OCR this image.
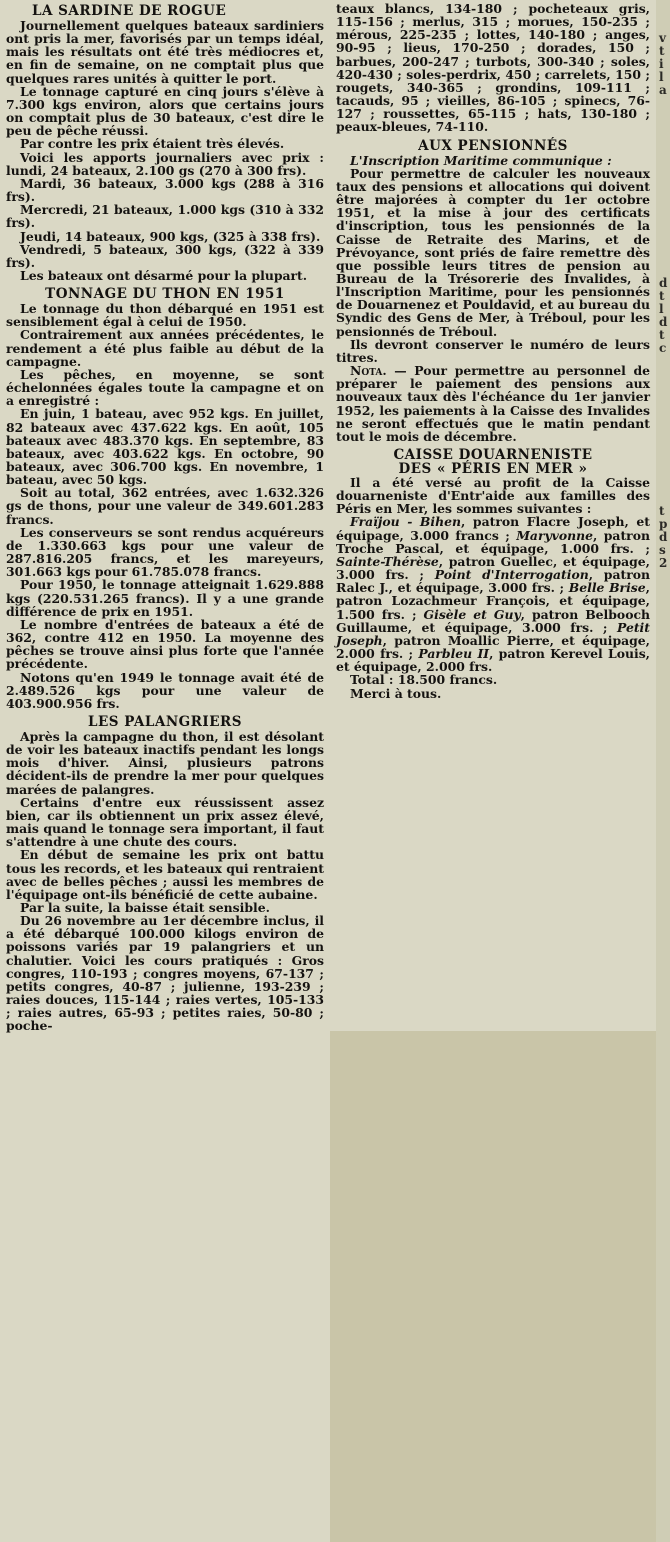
LA SARDINE DE ROGUE

Journellement quelques bateaux sardiniers ont pris la mer, favorisés par un temps idéal, mais les résultats ont été très médiocres et, en fin de semaine, on ne comptait plus que quelques rares unités à quitter le port.

Le tonnage capturé en cinq jours s'élève à 7.300 kgs environ, alors que certains jours on comptait plus de 30 bateaux, c'est dire le peu de pêche réussi.

Par contre les prix étaient très élevés.

Voici les apports journaliers avec prix : lundi, 24 bateaux, 2.100 gs (270 à 300 frs).

Mardi, 36 bateaux, 3.000 kgs (288 à 316 frs).

Mercredi, 21 bateaux, 1.000 kgs (310 à 332 frs).

Jeudi, 14 bateaux, 900 kgs, (325 à 338 frs).

Vendredi, 5 bateaux, 300 kgs, (322 à 339 frs).

Les bateaux ont désarmé pour la plupart.

TONNAGE DU THON EN 1951

Le tonnage du thon débarqué en 1951 est sensiblement égal à celui de 1950.

Contrairement aux années précédentes, le rendement a été plus faible au début de la campagne.

Les pêches, en moyenne, se sont échelonnées égales toute la campagne et on a enregistré :

En juin, 1 bateau, avec 952 kgs. En juillet, 82 bateaux avec 437.622 kgs. En août, 105 bateaux avec 483.370 kgs. En septembre, 83 bateaux, avec 403.622 kgs. En octobre, 90 bateaux, avec 306.700 kgs. En novembre, 1 bateau, avec 50 kgs.

Soit au total, 362 entrées, avec 1.632.326 gs de thons, pour une valeur de 349.601.283 francs.

Les conserveurs se sont rendus acquéreurs de 1.330.663 kgs pour une valeur de 287.816.205 francs, et les mareyeurs, 301.663 kgs pour 61.785.078 francs.

Pour 1950, le tonnage atteignait 1.629.888 kgs (220.531.265 francs). Il y a une grande différence de prix en 1951.

Le nombre d'entrées de bateaux a été de 362, contre 412 en 1950. La moyenne des pêches se trouve ainsi plus forte que l'année précédente.

Notons qu'en 1949 le tonnage avait été de 2.489.526 kgs pour une valeur de 403.900.956 frs.

LES PALANGRIERS

Après la campagne du thon, il est désolant de voir les bateaux inactifs pendant les longs mois d'hiver. Ainsi, plusieurs patrons décident-ils de prendre la mer pour quelques marées de palangres.

Certains d'entre eux réussissent assez bien, car ils obtiennent un prix assez élevé, mais quand le tonnage sera important, il faut s'attendre à une chute des cours.

En début de semaine les prix ont battu tous les records, et les bateaux qui rentraient avec de belles pêches ; aussi les membres de l'équipage ont-ils bénéficié de cette aubaine.

Par la suite, la baisse était sensible.

Du 26 novembre au 1er décembre inclus, il a été débarqué 100.000 kilogs environ de poissons variés par 19 palangriers et un chalutier. Voici les cours pratiqués : Gros congres, 110-193 ; congres moyens, 67-137 ; petits congres, 40-87 ; julienne, 193-239 ; raies douces, 115-144 ; raies vertes, 105-133 ; raies autres, 65-93 ; petites raies, 50-80 ; poche-

teaux blancs, 134-180 ; pocheteaux gris, 115-156 ; merlus, 315 ; morues, 150-235 ; mérous, 225-235 ; lottes, 140-180 ; anges, 90-95 ; lieus, 170-250 ; dorades, 150 ; barbues, 200-247 ; turbots, 300-340 ; soles, 420-430 ; soles-perdrix, 450 ; carrelets, 150 ; rougets, 340-365 ; grondins, 109-111 ; tacauds, 95 ; vieilles, 86-105 ; spinecs, 76-127 ; roussettes, 65-115 ; hats, 130-180 ; peaux-bleues, 74-110.

AUX PENSIONNÉS

L'Inscription Maritime communique :

Pour permettre de calculer les nouveaux taux des pensions et allocations qui doivent être majorées à compter du 1er octobre 1951, et la mise à jour des certificats d'inscription, tous les pensionnés de la Caisse de Retraite des Marins, et de Prévoyance, sont priés de faire remettre dès que possible leurs titres de pension au Bureau de la Trésorerie des Invalides, à l'Inscription Maritime, pour les pensionnés de Douarnenez et Pouldavid, et au bureau du Syndic des Gens de Mer, à Tréboul, pour les pensionnés de Tréboul.

Ils devront conserver le numéro de leurs titres.

Nota. — Pour permettre au personnel de préparer le paiement des pensions aux nouveaux taux dès l'échéance du 1er janvier 1952, les paiements à la Caisse des Invalides ne seront effectués que le matin pendant tout le mois de décembre.

CAISSE DOUARNENISTE
DES « PÉRIS EN MER »

Il a été versé au profit de la Caisse douarneniste d'Entr'aide aux familles des Péris en Mer, les sommes suivantes :

Fraïjou - Bihen, patron Flacre Joseph, et équipage, 3.000 francs ; Maryvonne, patron Troche Pascal, et équipage, 1.000 frs. ; Sainte-Thérèse, patron Guellec, et équipage, 3.000 frs. ; Point d'Interrogation, patron Ralec J., et équipage, 3.000 frs. ; Belle Brise, patron Lozachmeur François, et équipage, 1.500 frs. ; Gisèle et Guy, patron Belbooch Guillaume, et équipage, 3.000 frs. ; Petit Joseph, patron Moallic Pierre, et équipage, 2.000 frs. ; Parbleu II, patron Kerevel Louis, et équipage, 2.000 frs.

Total : 18.500 francs.

Merci à tous.

v
t
i
l
a
d
t
l
d
t
c
t
p
d
s
2
